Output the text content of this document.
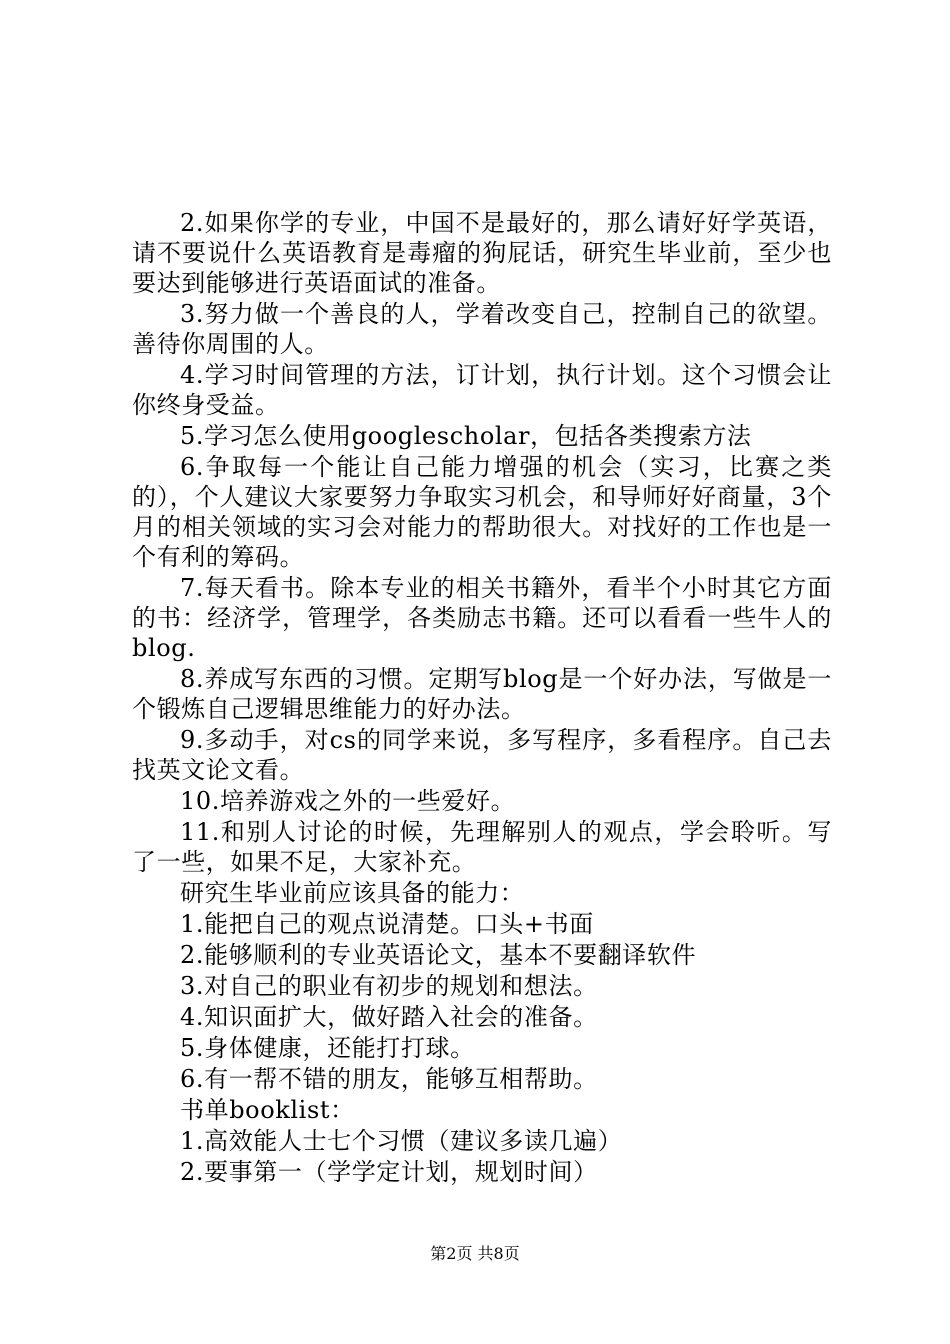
2.如果你学的专业，中国不是最好的，那么请好好学英语，请不要说什么英语教育是毒瘤的狗屁话，研究生毕业前，至少也要达到能够进行英语面试的准备。

3.努力做一个善良的人，学着改变自己，控制自己的欲望。善待你周围的人。

4.学习时间管理的方法，订计划，执行计划。这个习惯会让你终身受益。

5.学习怎么使用googlescholar，包括各类搜索方法

6.争取每一个能让自己能力增强的机会（实习，比赛之类的），个人建议大家要努力争取实习机会，和导师好好商量，3个月的相关领域的实习会对能力的帮助很大。对找好的工作也是一个有利的筹码。

7.每天看书。除本专业的相关书籍外，看半个小时其它方面的书：经济学，管理学，各类励志书籍。还可以看看一些牛人的blog.

8.养成写东西的习惯。定期写blog是一个好办法，写做是一个锻炼自己逻辑思维能力的好办法。

9.多动手，对cs的同学来说，多写程序，多看程序。自己去找英文论文看。

10.培养游戏之外的一些爱好。

11.和别人讨论的时候，先理解别人的观点，学会聆听。写了一些，如果不足，大家补充。

研究生毕业前应该具备的能力：

1.能把自己的观点说清楚。口头+书面

2.能够顺利的专业英语论文，基本不要翻译软件

3.对自己的职业有初步的规划和想法。

4.知识面扩大，做好踏入社会的准备。

5.身体健康，还能打打球。

6.有一帮不错的朋友，能够互相帮助。

书单booklist：

1.高效能人士七个习惯（建议多读几遍）

2.要事第一（学学定计划，规划时间）

第2页 共8页
